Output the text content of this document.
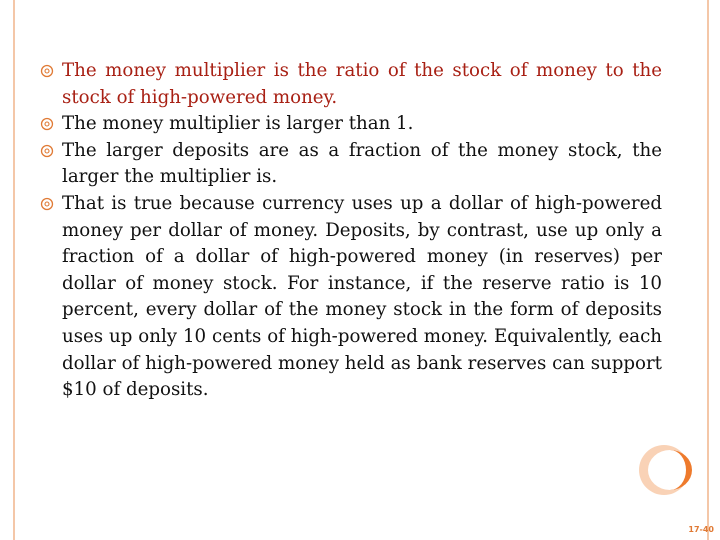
The money multiplier is the ratio of the stock of money to the stock of high-powered money.
The money multiplier is larger than 1.
The larger deposits are as a fraction of the money stock, the larger the multiplier is.
That is true because currency uses up a dollar of high-powered money per dollar of money. Deposits, by contrast, use up only a fraction of a dollar of high-powered money (in reserves) per dollar of money stock. For instance, if the reserve ratio is 10 percent, every dollar of the money stock in the form of deposits uses up only 10 cents of high-powered money. Equivalently, each dollar of high-powered money held as bank reserves can support $10 of deposits.
17-40
